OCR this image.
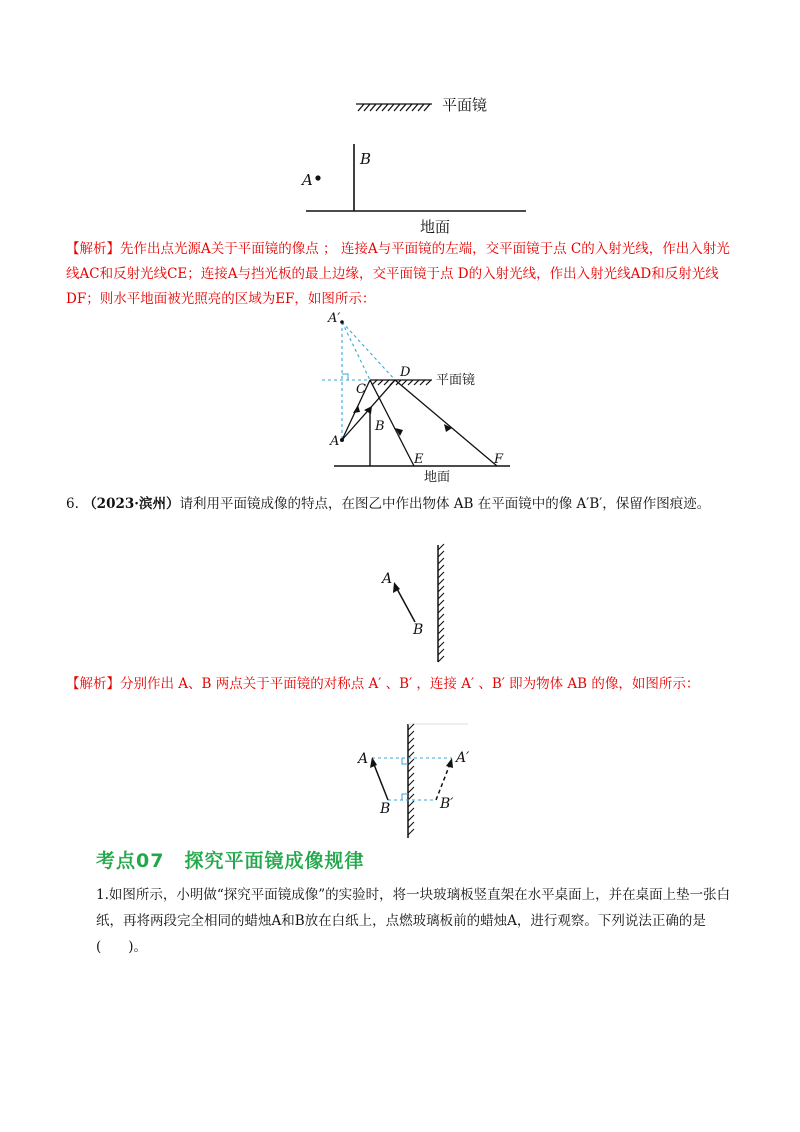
平面镜
B
A
地面
【解析】先作出点光源A关于平面镜的像点 ； 连接A与平面镜的左端，交平面镜于点 C的入射光线，作出入射光线AC和反射光线CE；连接A与挡光板的最上边缘，交平面镜于点 D的入射光线，作出入射光线AD和反射光线DF；则水平地面被光照亮的区域为EF，如图所示：
A′
平面镜
A
C
D
B
E	F
地面
6. （2023·滨州）请利用平面镜成像的特点，在图乙中作出物体 AB 在平面镜中的像 A′B′，保留作图痕迹。
A
B
【解析】分别作出 A、B 两点关于平面镜的对称点 A′ 、B′ ，连接 A′ 、B′ 即为物体 AB 的像，如图所示：
A
B
A′
B′
考点07　探究平面镜成像规律
1.如图所示，小明做“探究平面镜成像”的实验时，将一块玻璃板竖直架在水平桌面上，并在桌面上垫一张白纸，再将两段完全相同的蜡烛A和B放在白纸上，点燃玻璃板前的蜡烛A，进行观察。下列说法正确的是(　　)。
